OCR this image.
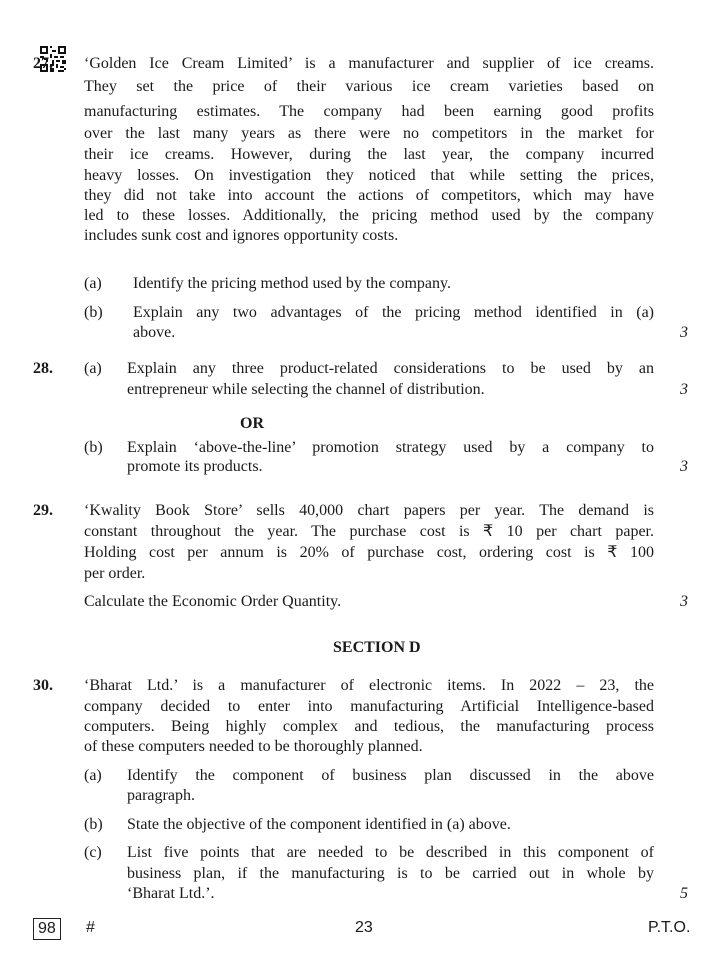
27. ‘Golden Ice Cream Limited’ is a manufacturer and supplier of ice creams.
They set the price of their various ice cream varieties based on
manufacturing estimates. The company had been earning good profits
over the last many years as there were no competitors in the market for
their ice creams. However, during the last year, the company incurred
heavy losses. On investigation they noticed that while setting the prices,
they did not take into account the actions of competitors, which may have
led to these losses. Additionally, the pricing method used by the company
includes sunk cost and ignores opportunity costs.
(a) Identify the pricing method used by the company.
(b) Explain any two advantages of the pricing method identified in (a)
above.	3
28. (a) Explain any three product-related considerations to be used by an
entrepreneur while selecting the channel of distribution.	3
OR
(b) Explain ‘above-the-line’ promotion strategy used by a company to
promote its products.	3
29. ‘Kwality Book Store’ sells 40,000 chart papers per year. The demand is
constant throughout the year. The purchase cost is ₹ 10 per chart paper.
Holding cost per annum is 20% of purchase cost, ordering cost is ₹ 100
per order.
Calculate the Economic Order Quantity.	3
SECTION D
30. ‘Bharat Ltd.’ is a manufacturer of electronic items. In 2022 – 23, the
company decided to enter into manufacturing Artificial Intelligence-based
computers. Being highly complex and tedious, the manufacturing process
of these computers needed to be thoroughly planned.
(a) Identify the component of business plan discussed in the above
paragraph.
(b) State the objective of the component identified in (a) above.
(c) List five points that are needed to be described in this component of
business plan, if the manufacturing is to be carried out in whole by
‘Bharat Ltd.’.	5
98	#	23	P.T.O.
